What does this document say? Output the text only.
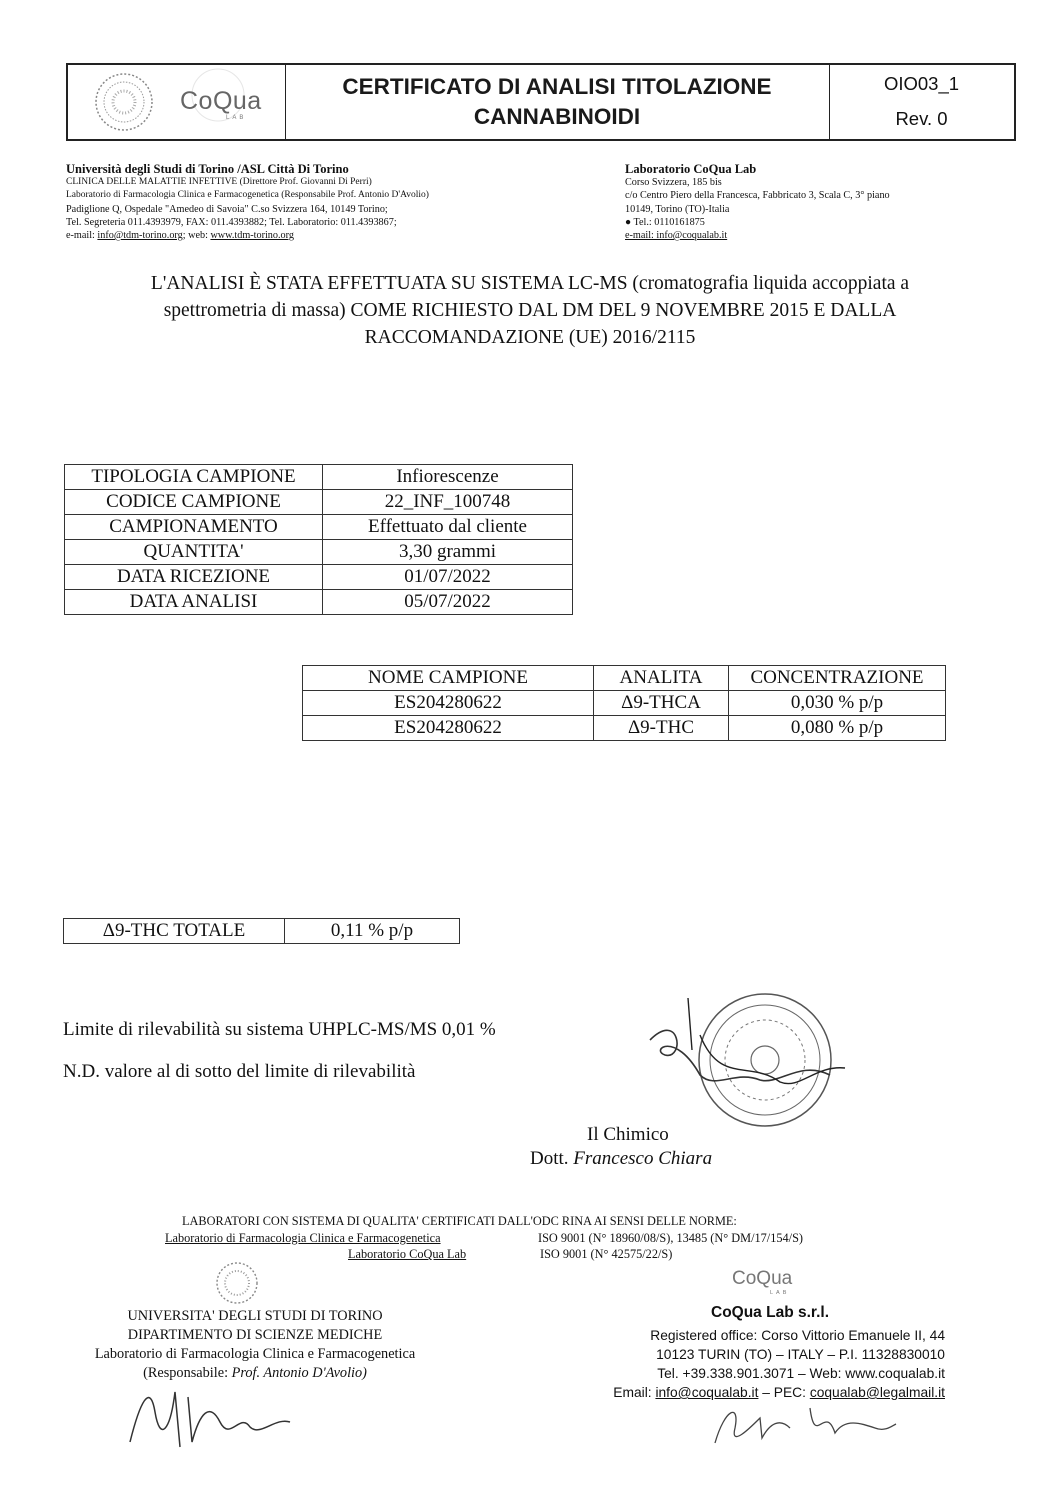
CoQua
LAB
CERTIFICATO DI ANALISI TITOLAZIONE
CANNABINOIDI
OIO03_1
Rev. 0
Università degli Studi di Torino /ASL Città Di Torino
CLINICA DELLE MALATTIE INFETTIVE (Direttore Prof. Giovanni Di Perri)
Laboratorio di Farmacologia Clinica e Farmacogenetica (Responsabile Prof. Antonio D'Avolio)
Padiglione Q, Ospedale "Amedeo di Savoia" C.so Svizzera 164, 10149 Torino;
Tel. Segreteria 011.4393979, FAX: 011.4393882; Tel. Laboratorio: 011.4393867;
e-mail: info@tdm-torino.org; web: www.tdm-torino.org
Laboratorio CoQua Lab
Corso Svizzera, 185 bis
c/o Centro Piero della Francesca, Fabbricato 3, Scala C, 3° piano
10149, Torino (TO)-Italia
● Tel.: 0110161875
e-mail: info@coqualab.it
L'ANALISI È STATA EFFETTUATA SU SISTEMA LC-MS (cromatografia liquida accoppiata a
spettrometria di massa) COME RICHIESTO DAL DM DEL 9 NOVEMBRE 2015 E DALLA
RACCOMANDAZIONE (UE) 2016/2115
TIPOLOGIA CAMPIONE	Infiorescenze
CODICE CAMPIONE	22_INF_100748
CAMPIONAMENTO	Effettuato dal cliente
QUANTITA'	3,30 grammi
DATA RICEZIONE	01/07/2022
DATA ANALISI	05/07/2022
NOME CAMPIONE	ANALITA	CONCENTRAZIONE
ES204280622	Δ9-THCA	0,030 % p/p
ES204280622	Δ9-THC	0,080 % p/p
Δ9-THC TOTALE	0,11 % p/p
Limite di rilevabilità su sistema UHPLC-MS/MS 0,01 %
N.D. valore al di sotto del limite di rilevabilità
Il Chimico
Dott. Francesco Chiara
LABORATORI CON SISTEMA DI QUALITA' CERTIFICATI DALL'ODC RINA AI SENSI DELLE NORME:
Laboratorio di Farmacologia Clinica e Farmacogenetica	ISO 9001 (N° 18960/08/S), 13485 (N° DM/17/154/S)
Laboratorio CoQua Lab	ISO 9001 (N° 42575/22/S)
UNIVERSITA' DEGLI STUDI DI TORINO
DIPARTIMENTO DI SCIENZE MEDICHE
Laboratorio di Farmacologia Clinica e Farmacogenetica
(Responsabile: Prof. Antonio D'Avolio)
CoQua
LAB
CoQua Lab s.r.l.
Registered office: Corso Vittorio Emanuele II, 44
10123 TURIN (TO) – ITALY – P.I. 11328830010
Tel. +39.338.901.3071 – Web: www.coqualab.it
Email: info@coqualab.it – PEC: coqualab@legalmail.it
